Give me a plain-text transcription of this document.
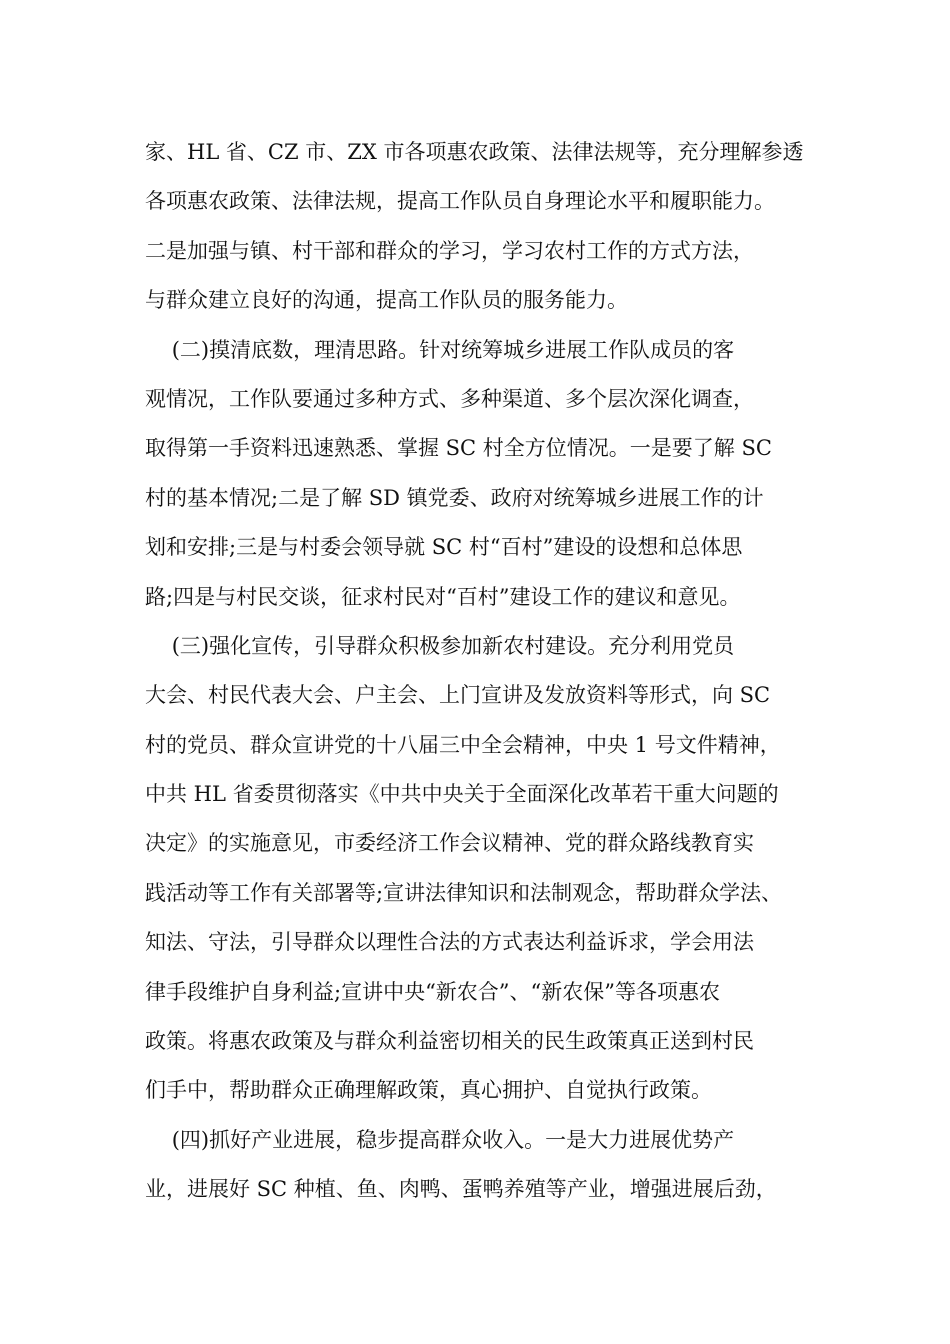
家、HL 省、CZ 市、ZX 市各项惠农政策、法律法规等，充分理解参透
各项惠农政策、法律法规，提高工作队员自身理论水平和履职能力。
二是加强与镇、村干部和群众的学习，学习农村工作的方式方法，
与群众建立良好的沟通，提高工作队员的服务能力。
(二)摸清底数，理清思路。针对统筹城乡进展工作队成员的客
观情况，工作队要通过多种方式、多种渠道、多个层次深化调查，
取得第一手资料迅速熟悉、掌握 SC 村全方位情况。一是要了解 SC
村的基本情况;二是了解 SD 镇党委、政府对统筹城乡进展工作的计
划和安排;三是与村委会领导就 SC 村“百村”建设的设想和总体思
路;四是与村民交谈，征求村民对“百村”建设工作的建议和意见。
(三)强化宣传，引导群众积极参加新农村建设。充分利用党员
大会、村民代表大会、户主会、上门宣讲及发放资料等形式，向 SC
村的党员、群众宣讲党的十八届三中全会精神，中央 1 号文件精神，
中共 HL 省委贯彻落实《中共中央关于全面深化改革若干重大问题的
决定》的实施意见，市委经济工作会议精神、党的群众路线教育实
践活动等工作有关部署等;宣讲法律知识和法制观念，帮助群众学法、
知法、守法，引导群众以理性合法的方式表达利益诉求，学会用法
律手段维护自身利益;宣讲中央“新农合”、“新农保”等各项惠农
政策。将惠农政策及与群众利益密切相关的民生政策真正送到村民
们手中，帮助群众正确理解政策，真心拥护、自觉执行政策。
(四)抓好产业进展，稳步提高群众收入。一是大力进展优势产
业，进展好 SC 种植、鱼、肉鸭、蛋鸭养殖等产业，增强进展后劲，
